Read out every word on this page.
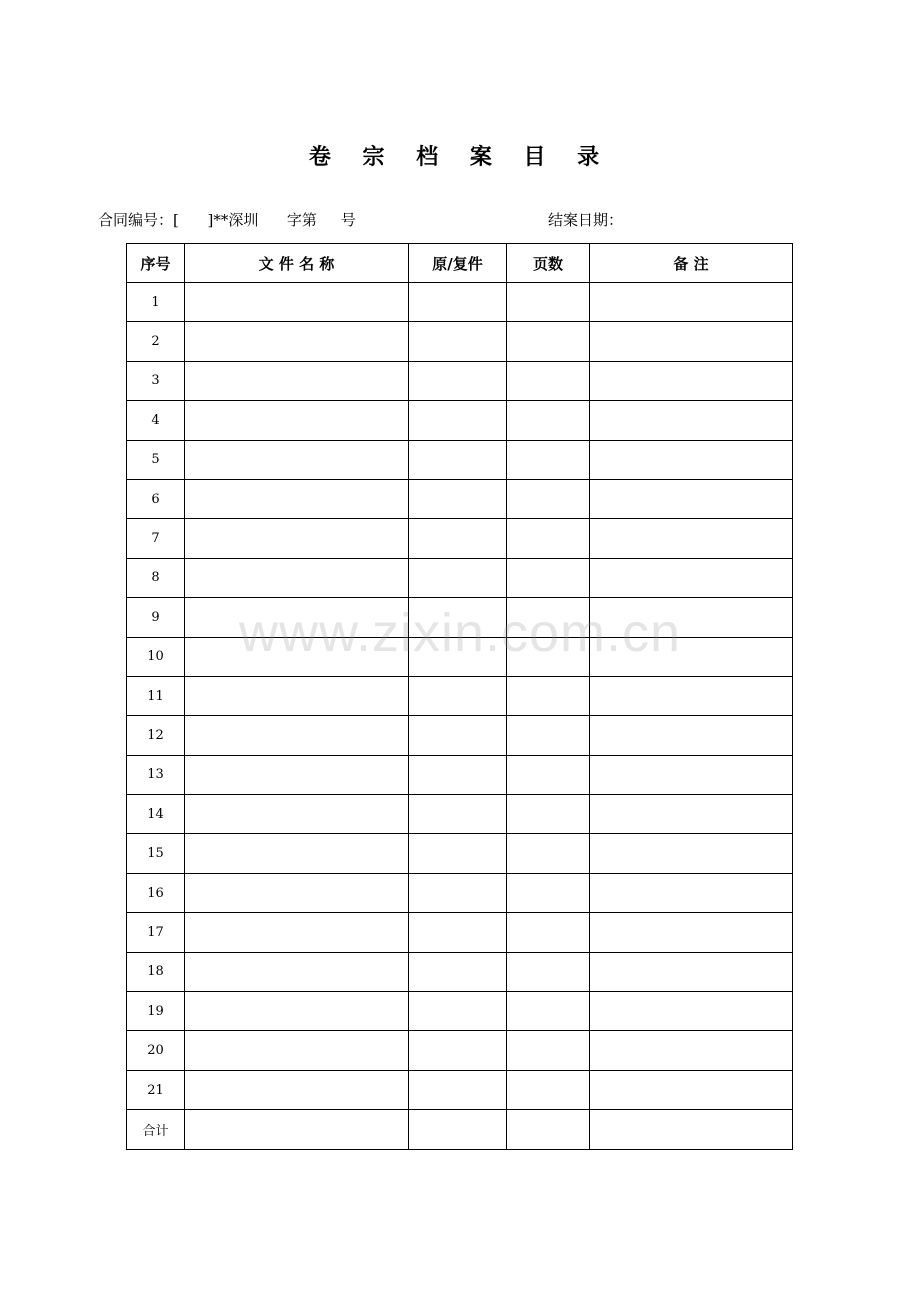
卷 宗 档 案 目 录
合同编号：[      ]**深圳      字第     号	结案日期：
序号	文 件 名 称	原/复件	页数	备 注
1				
2				
3				
4				
5				
6				
7				
8				
9				
10				
11				
12				
13				
14				
15				
16				
17				
18				
19				
20				
21				
合计				
www.zixin.com.cn
